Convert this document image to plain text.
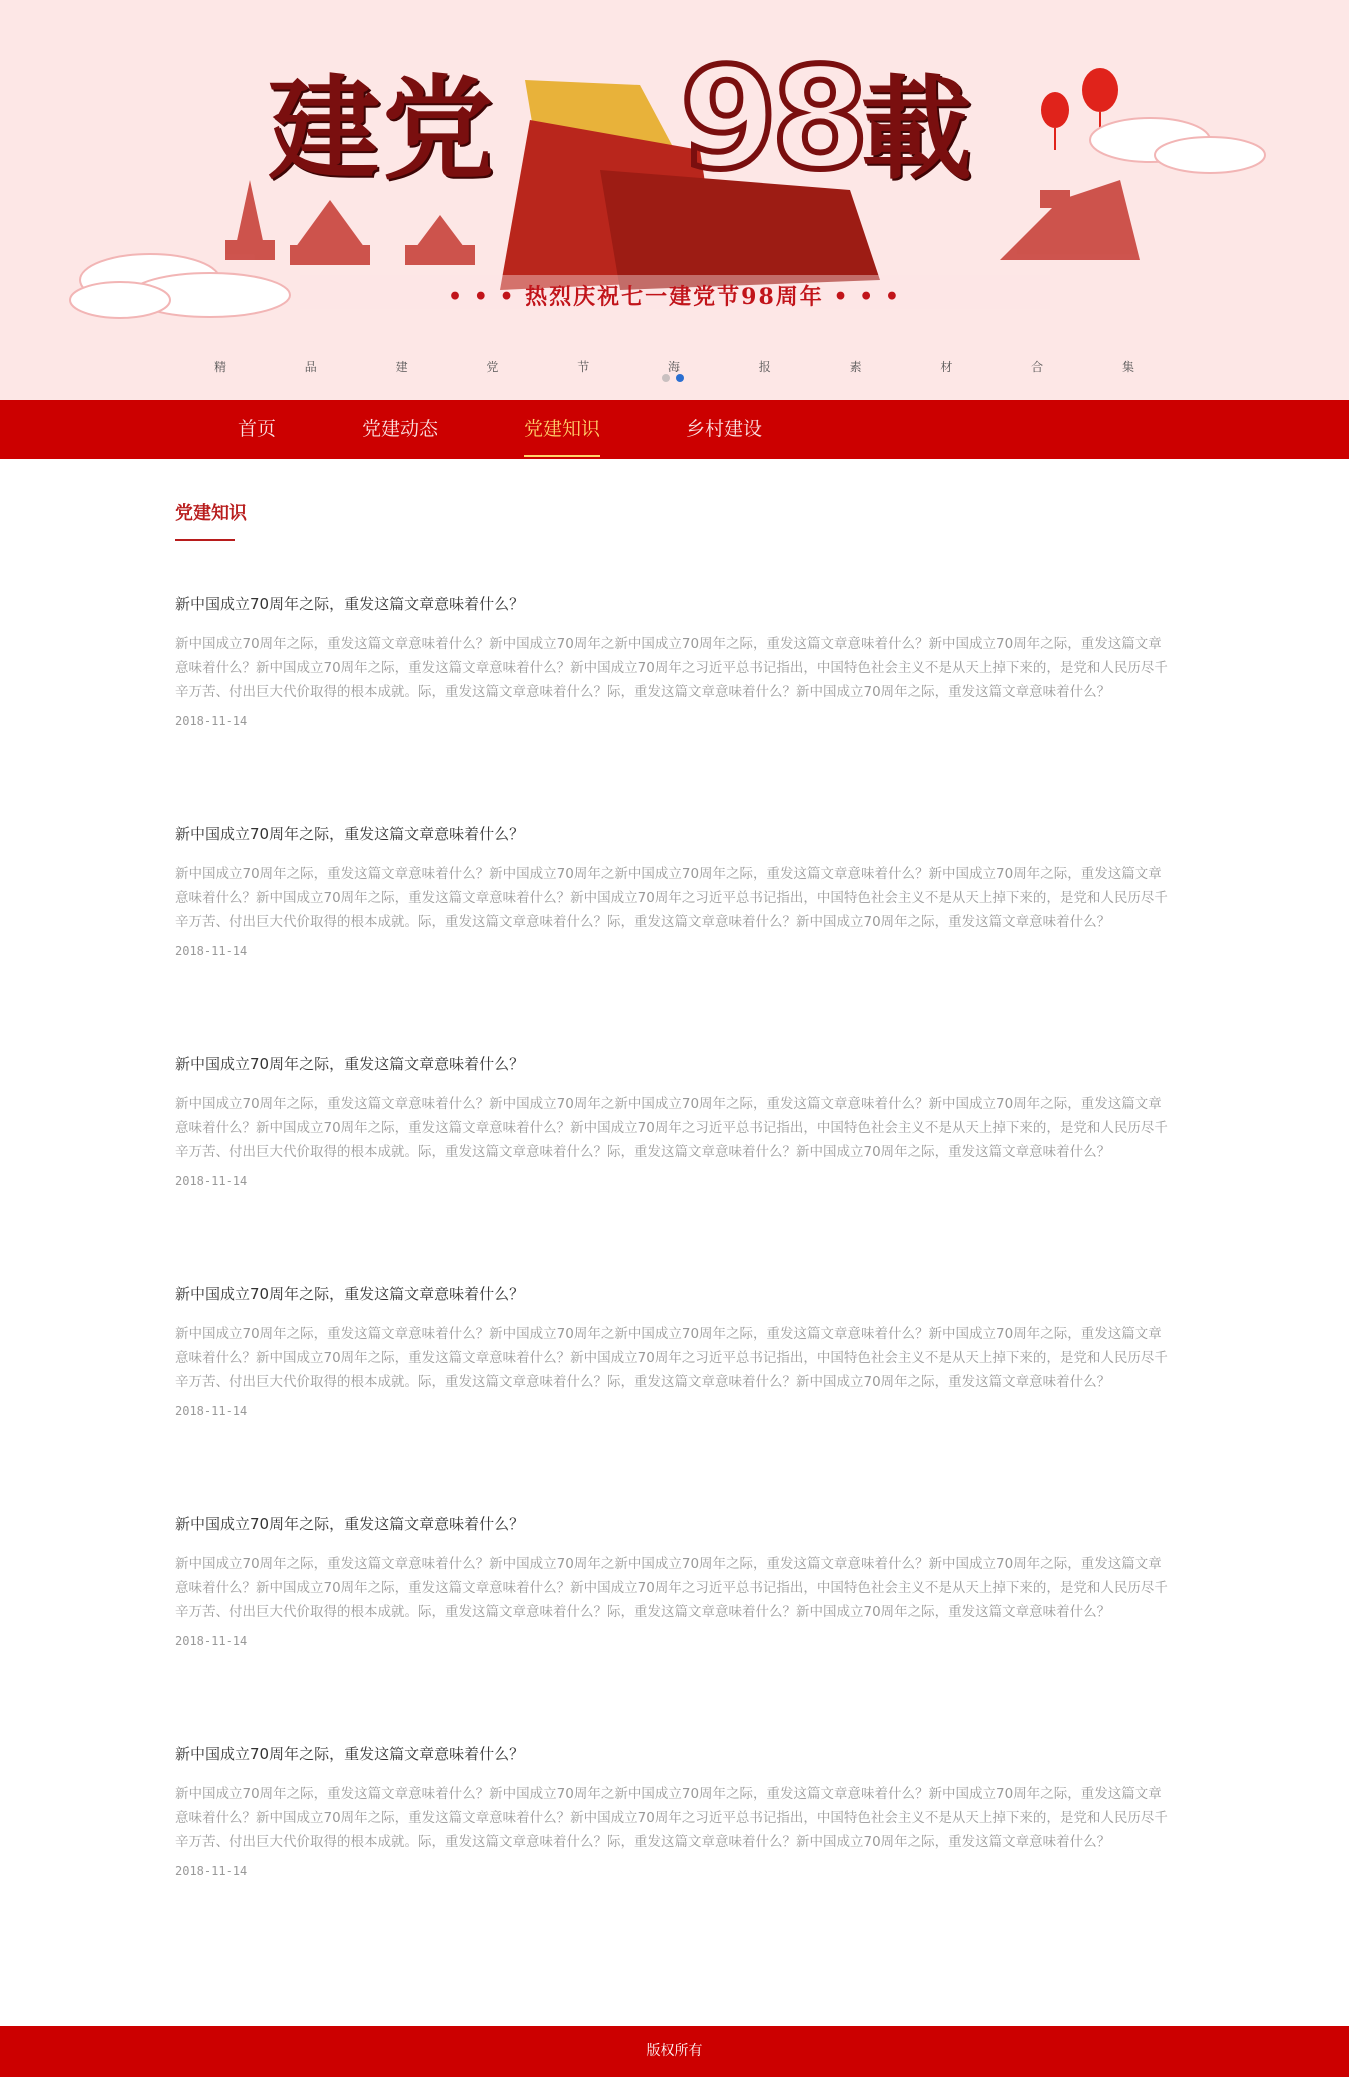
建党 98
載
• • • 热烈庆祝七一建党节98周年 • • •
精	品	建	党	节	海	报	素	材	合	集
首页	党建动态	党建知识	乡村建设
党建知识
新中国成立70周年之际，重发这篇文章意味着什么？

新中国成立70周年之际，重发这篇文章意味着什么？新中国成立70周年之新中国成立70周年之际，重发这篇文章意味着什么？新中国成立70周年之际，重发这篇文章意味着什么？新中国成立70周年之际，重发这篇文章意味着什么？新中国成立70周年之习近平总书记指出，中国特色社会主义不是从天上掉下来的，是党和人民历尽千辛万苦、付出巨大代价取得的根本成就。际，重发这篇文章意味着什么？际，重发这篇文章意味着什么？新中国成立70周年之际，重发这篇文章意味着什么？

2018-11-14
新中国成立70周年之际，重发这篇文章意味着什么？

新中国成立70周年之际，重发这篇文章意味着什么？新中国成立70周年之新中国成立70周年之际，重发这篇文章意味着什么？新中国成立70周年之际，重发这篇文章意味着什么？新中国成立70周年之际，重发这篇文章意味着什么？新中国成立70周年之习近平总书记指出，中国特色社会主义不是从天上掉下来的，是党和人民历尽千辛万苦、付出巨大代价取得的根本成就。际，重发这篇文章意味着什么？际，重发这篇文章意味着什么？新中国成立70周年之际，重发这篇文章意味着什么？

2018-11-14
新中国成立70周年之际，重发这篇文章意味着什么？

新中国成立70周年之际，重发这篇文章意味着什么？新中国成立70周年之新中国成立70周年之际，重发这篇文章意味着什么？新中国成立70周年之际，重发这篇文章意味着什么？新中国成立70周年之际，重发这篇文章意味着什么？新中国成立70周年之习近平总书记指出，中国特色社会主义不是从天上掉下来的，是党和人民历尽千辛万苦、付出巨大代价取得的根本成就。际，重发这篇文章意味着什么？际，重发这篇文章意味着什么？新中国成立70周年之际，重发这篇文章意味着什么？

2018-11-14
新中国成立70周年之际，重发这篇文章意味着什么？

新中国成立70周年之际，重发这篇文章意味着什么？新中国成立70周年之新中国成立70周年之际，重发这篇文章意味着什么？新中国成立70周年之际，重发这篇文章意味着什么？新中国成立70周年之际，重发这篇文章意味着什么？新中国成立70周年之习近平总书记指出，中国特色社会主义不是从天上掉下来的，是党和人民历尽千辛万苦、付出巨大代价取得的根本成就。际，重发这篇文章意味着什么？际，重发这篇文章意味着什么？新中国成立70周年之际，重发这篇文章意味着什么？

2018-11-14
新中国成立70周年之际，重发这篇文章意味着什么？

新中国成立70周年之际，重发这篇文章意味着什么？新中国成立70周年之新中国成立70周年之际，重发这篇文章意味着什么？新中国成立70周年之际，重发这篇文章意味着什么？新中国成立70周年之际，重发这篇文章意味着什么？新中国成立70周年之习近平总书记指出，中国特色社会主义不是从天上掉下来的，是党和人民历尽千辛万苦、付出巨大代价取得的根本成就。际，重发这篇文章意味着什么？际，重发这篇文章意味着什么？新中国成立70周年之际，重发这篇文章意味着什么？

2018-11-14
新中国成立70周年之际，重发这篇文章意味着什么？

新中国成立70周年之际，重发这篇文章意味着什么？新中国成立70周年之新中国成立70周年之际，重发这篇文章意味着什么？新中国成立70周年之际，重发这篇文章意味着什么？新中国成立70周年之际，重发这篇文章意味着什么？新中国成立70周年之习近平总书记指出，中国特色社会主义不是从天上掉下来的，是党和人民历尽千辛万苦、付出巨大代价取得的根本成就。际，重发这篇文章意味着什么？际，重发这篇文章意味着什么？新中国成立70周年之际，重发这篇文章意味着什么？

2018-11-14
版权所有
